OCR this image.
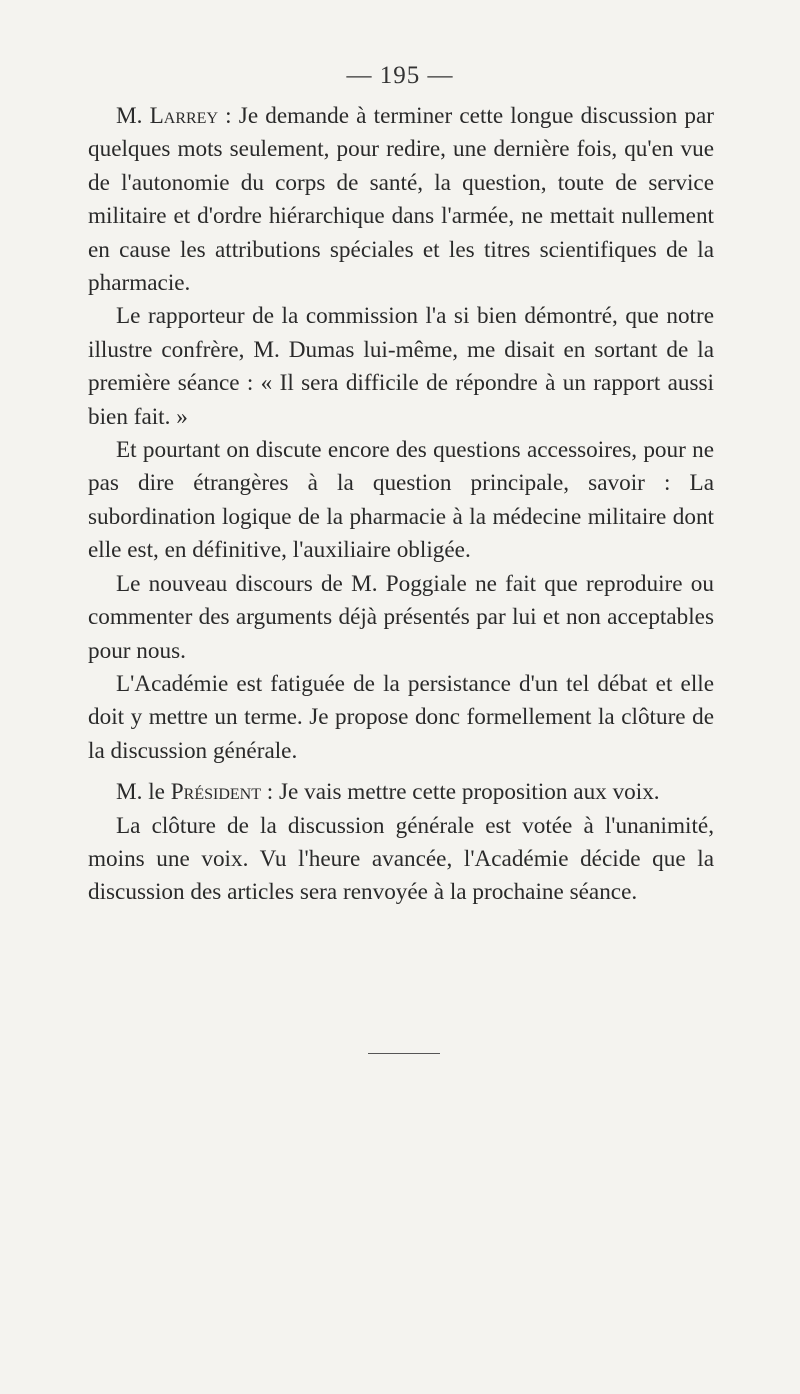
— 195 —

M. Larrey : Je demande à terminer cette longue discussion par quelques mots seulement, pour redire, une dernière fois, qu'en vue de l'autonomie du corps de santé, la question, toute de service militaire et d'ordre hiérarchique dans l'armée, ne mettait nullement en cause les attributions spéciales et les titres scientifiques de la pharmacie.

Le rapporteur de la commission l'a si bien démontré, que notre illustre confrère, M. Dumas lui-même, me disait en sortant de la première séance : « Il sera difficile de répondre à un rapport aussi bien fait. »

Et pourtant on discute encore des questions accessoires, pour ne pas dire étrangères à la question principale, savoir : La subordination logique de la pharmacie à la médecine militaire dont elle est, en définitive, l'auxiliaire obligée.

Le nouveau discours de M. Poggiale ne fait que reproduire ou commenter des arguments déjà présentés par lui et non acceptables pour nous.

L'Académie est fatiguée de la persistance d'un tel débat et elle doit y mettre un terme. Je propose donc formellement la clôture de la discussion générale.

M. le Président : Je vais mettre cette proposition aux voix.

La clôture de la discussion générale est votée à l'unanimité, moins une voix. Vu l'heure avancée, l'Académie décide que la discussion des articles sera renvoyée à la prochaine séance.
